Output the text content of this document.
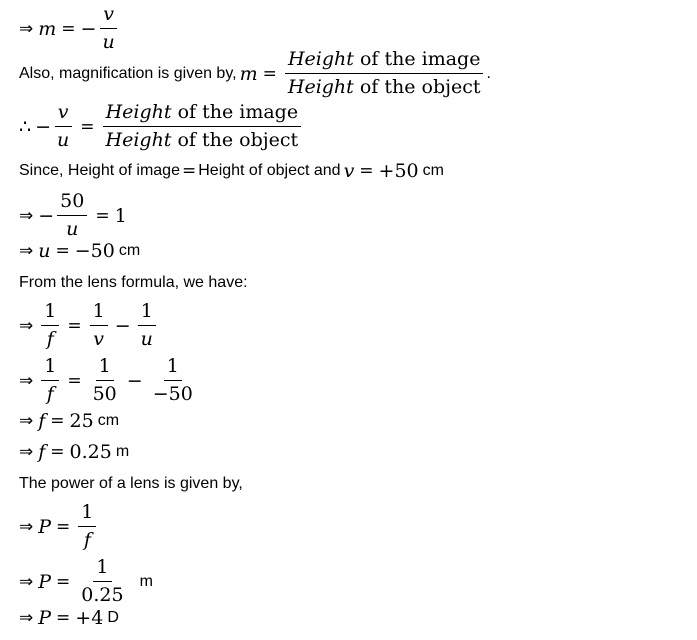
⇒ m = − $\frac{v}{u}$
Also, magnification is given by, $m = \frac{\text{Height of the image}}{\text{Height of the object}}$ .
∴ − $\frac{v}{u} = \frac{\text{Height of the image}}{\text{Height of the object}}$
Since, Height of image = Height of object and v = +50 cm
⇒ − $\frac{50}{u} = 1$
⇒ u = −50 cm
From the lens formula, we have:
⇒ $\frac{1}{f} = \frac{1}{v} - \frac{1}{u}$
⇒ $\frac{1}{f} = \frac{1}{50} - \frac{1}{-50}$
⇒ f = 25 cm
⇒ f = 0.25 m
The power of a lens is given by,
⇒ $P = \frac{1}{f}$
⇒ $P = \frac{1}{0.25}$ m
⇒ P = +4 D
